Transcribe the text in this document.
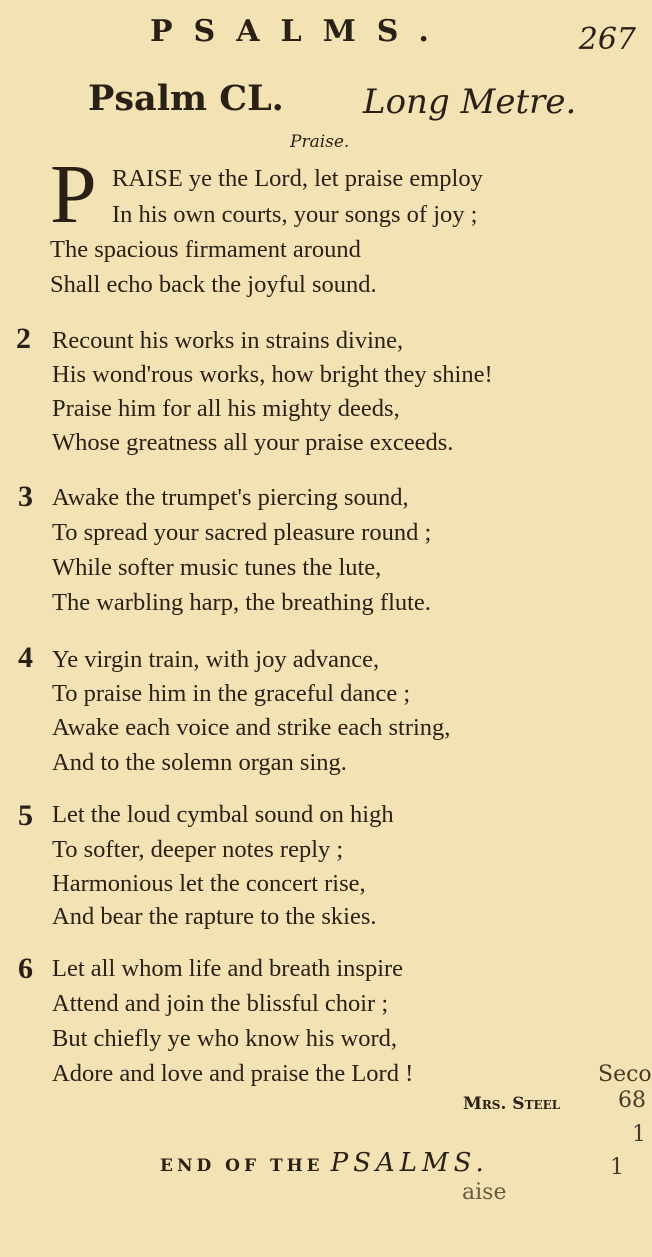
PSALMS.	267
Psalm CL. Long Metre.
Praise.
P RAISE ye the Lord, let praise employ
In his own courts, your songs of joy ;
The spacious firmament around
Shall echo back the joyful sound.
2 Recount his works in strains divine,
His wond'rous works, how bright they shine!
Praise him for all his mighty deeds,
Whose greatness all your praise exceeds.
3 Awake the trumpet's piercing sound,
To spread your sacred pleasure round ;
While softer music tunes the lute,
The warbling harp, the breathing flute.
4 Ye virgin train, with joy advance,
To praise him in the graceful dance ;
Awake each voice and strike each string,
And to the solemn organ sing.
5 Let the loud cymbal sound on high
To softer, deeper notes reply ;
Harmonious let the concert rise,
And bear the rapture to the skies.
6 Let all whom life and breath inspire
Attend and join the blissful choir ;
But chiefly ye who know his word,
Adore and love and praise the Lord !
Mrs. Steel
Seco
68
1
1
END OF THE PSALMS.
aise
